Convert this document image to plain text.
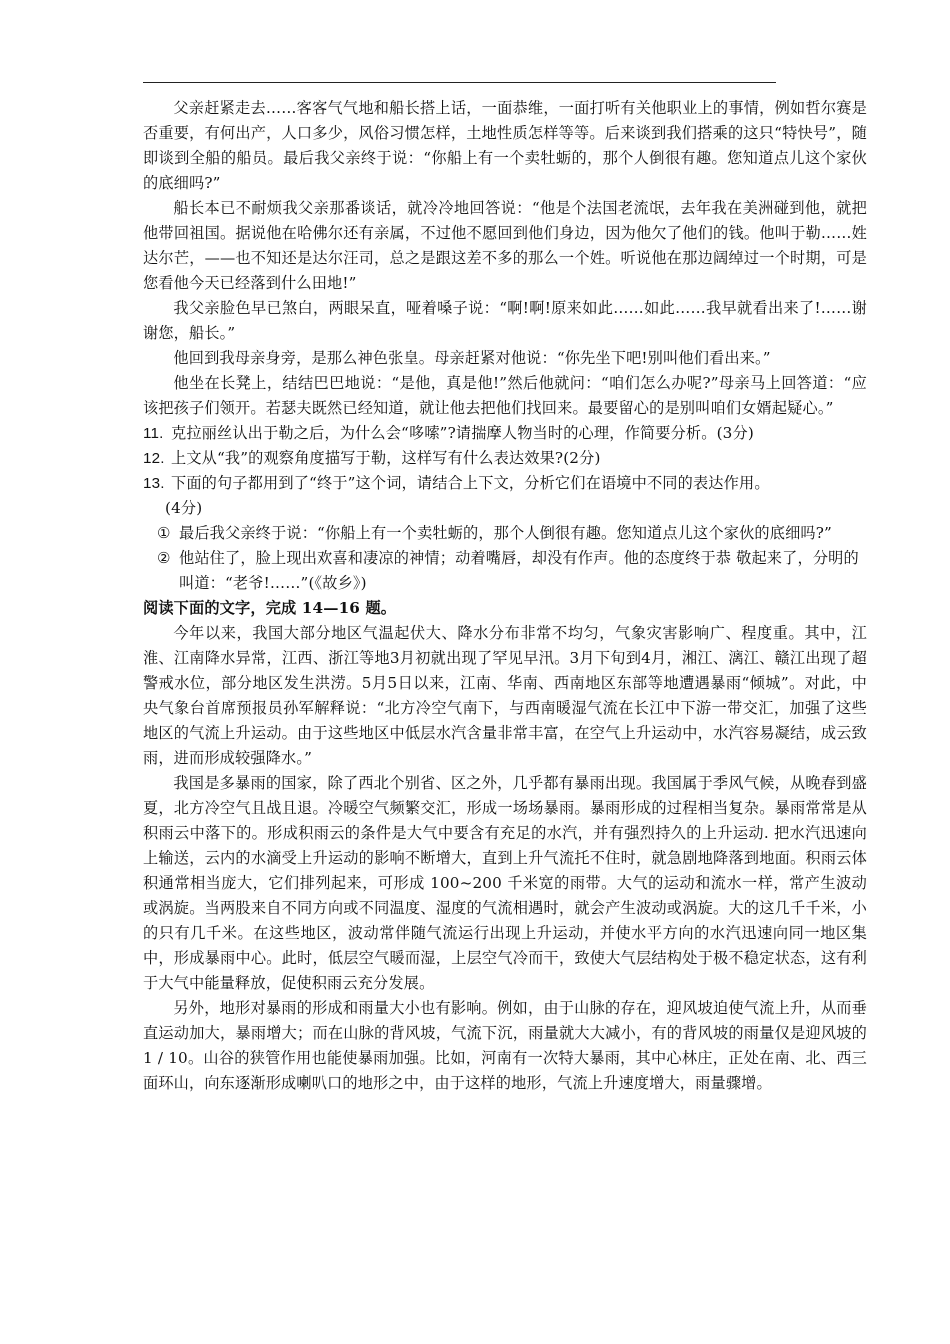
父亲赶紧走去……客客气气地和船长搭上话，一面恭维，一面打听有关他职业上的事情，例如哲尔赛是否重要，有何出产，人口多少，风俗习惯怎样，土地性质怎样等等。后来谈到我们搭乘的这只“特快号”，随即谈到全船的船员。最后我父亲终于说：“你船上有一个卖牡蛎的，那个人倒很有趣。您知道点儿这个家伙的底细吗?”

船长本已不耐烦我父亲那番谈话，就冷冷地回答说：“他是个法国老流氓，去年我在美洲碰到他，就把他带回祖国。据说他在哈佛尔还有亲属，不过他不愿回到他们身边，因为他欠了他们的钱。他叫于勒……姓达尔芒，——也不知还是达尔汪司，总之是跟这差不多的那么一个姓。听说他在那边阔绰过一个时期，可是您看他今天已经落到什么田地!”

我父亲脸色早已煞白，两眼呆直，哑着嗓子说：“啊!啊!原来如此……如此……我早就看出来了!……谢谢您，船长。”

他回到我母亲身旁，是那么神色张皇。母亲赶紧对他说：“你先坐下吧!别叫他们看出来。”

他坐在长凳上，结结巴巴地说：“是他，真是他!”然后他就问：“咱们怎么办呢?”母亲马上回答道：“应该把孩子们领开。若瑟夫既然已经知道，就让他去把他们找回来。最要留心的是别叫咱们女婿起疑心。”

11. 克拉丽丝认出于勒之后，为什么会“哆嗦”?请揣摩人物当时的心理，作简要分析。(3分)
12. 上文从“我”的观察角度描写于勒，这样写有什么表达效果?(2分)
13. 下面的句子都用到了“终于”这个词，请结合上下文，分析它们在语境中不同的表达作用。
(4分)
① 最后我父亲终于说：“你船上有一个卖牡蛎的，那个人倒很有趣。您知道点儿这个家伙的底细吗?”
② 他站住了，脸上现出欢喜和凄凉的神情；动着嘴唇，却没有作声。他的态度终于恭 敬起来了，分明的叫道：“老爷!……”(《故乡》)

阅读下面的文字，完成 14—16 题。

今年以来，我国大部分地区气温起伏大、降水分布非常不均匀，气象灾害影响广、程度重。其中，江淮、江南降水异常，江西、浙江等地3月初就出现了罕见早汛。3月下旬到4月，湘江、漓江、赣江出现了超警戒水位，部分地区发生洪涝。5月5日以来，江南、华南、西南地区东部等地遭遇暴雨“倾城”。对此，中央气象台首席预报员孙军解释说：“北方冷空气南下，与西南暖湿气流在长江中下游一带交汇，加强了这些地区的气流上升运动。由于这些地区中低层水汽含量非常丰富，在空气上升运动中，水汽容易凝结，成云致雨，进而形成较强降水。”

我国是多暴雨的国家，除了西北个别省、区之外，几乎都有暴雨出现。我国属于季风气候，从晚春到盛夏，北方冷空气且战且退。冷暖空气频繁交汇，形成一场场暴雨。暴雨形成的过程相当复杂。暴雨常常是从积雨云中落下的。形成积雨云的条件是大气中要含有充足的水汽，并有强烈持久的上升运动. 把水汽迅速向上输送，云内的水滴受上升运动的影响不断增大，直到上升气流托不住时，就急剧地降落到地面。积雨云体积通常相当庞大，它们排列起来，可形成 100~200 千米宽的雨带。大气的运动和流水一样，常产生波动或涡旋。当两股来自不同方向或不同温度、湿度的气流相遇时，就会产生波动或涡旋。大的这几千千米，小的只有几千米。在这些地区，波动常伴随气流运行出现上升运动，并使水平方向的水汽迅速向同一地区集中，形成暴雨中心。此时，低层空气暖而湿，上层空气冷而干，致使大气层结构处于极不稳定状态，这有利于大气中能量释放，促使积雨云充分发展。

另外，地形对暴雨的形成和雨量大小也有影响。例如，由于山脉的存在，迎风坡迫使气流上升，从而垂直运动加大，暴雨增大；而在山脉的背风坡，气流下沉，雨量就大大减小，有的背风坡的雨量仅是迎风坡的 1 / 10。山谷的狭管作用也能使暴雨加强。比如，河南有一次特大暴雨，其中心林庄，正处在南、北、西三面环山，向东逐渐形成喇叭口的地形之中，由于这样的地形，气流上升速度增大，雨量骤增。
